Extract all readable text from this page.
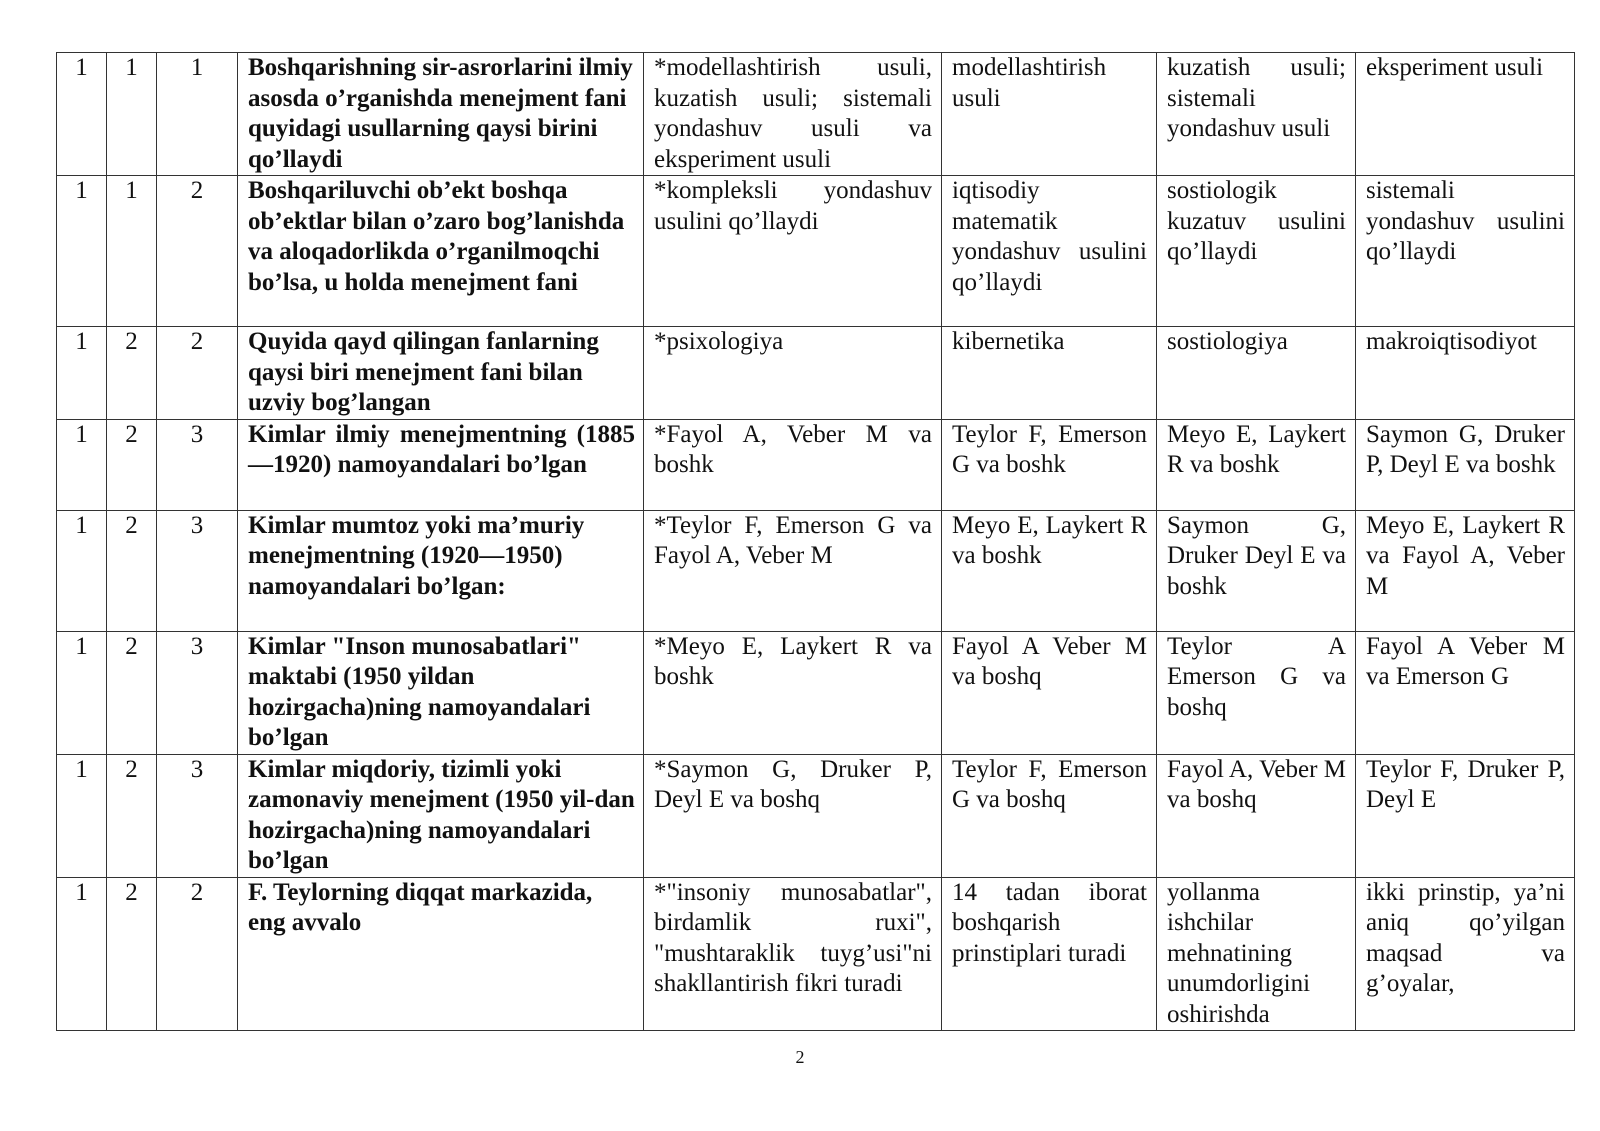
1	1	1	Boshqarishning sir-asrorlarini ilmiy asosda o’rganishda menejment fani quyidagi usullarning qaysi birini qo’llaydi	*modellashtirish usuli, kuzatish usuli; sistemali yondashuv usuli va eksperiment usuli	modellashtirish usuli	kuzatish usuli; sistemali yondashuv usuli	eksperiment usuli
1	1	2	Boshqariluvchi ob’ekt boshqa ob’ektlar bilan o’zaro bog’lanishda va aloqadorlikda o’rganilmoqchi bo’lsa, u holda menejment fani	*kompleksli yondashuv usulini qo’llaydi	iqtisodiy matematik yondashuv usulini qo’llaydi	sostiologik kuzatuv usulini qo’llaydi	sistemali yondashuv usulini qo’llaydi
1	2	2	Quyida qayd qilingan fanlarning qaysi biri menejment fani bilan uzviy bog’langan	*psixologiya	kibernetika	sostiologiya	makroiqtisodiyot
1	2	3	Kimlar ilmiy menejmentning (1885—1920) namoyandalari bo’lgan	*Fayol A, Veber M va boshk	Teylor F, Emerson G va boshk	Meyo E, Laykert R va boshk	Saymon G, Druker P, Deyl E va boshk
1	2	3	Kimlar mumtoz yoki ma’muriy menejmentning (1920—1950) namoyandalari bo’lgan:	*Teylor F, Emerson G va Fayol A, Veber M	Meyo E, Laykert R va boshk	Saymon G, Druker Deyl E va boshk	Meyo E, Laykert R va Fayol A, Veber M
1	2	3	Kimlar "Inson munosabatlari" maktabi (1950 yildan hozirgacha)ning namoyandalari bo’lgan	*Meyo E, Laykert R va boshk	Fayol A Veber M va boshq	Teylor A Emerson G va boshq	Fayol A Veber M va Emerson G
1	2	3	Kimlar miqdoriy, tizimli yoki zamonaviy menejment (1950 yil-dan hozirgacha)ning namoyandalari bo’lgan	*Saymon G, Druker P, Deyl E va boshq	Teylor F, Emerson G va boshq	Fayol A, Veber M va boshq	Teylor F, Druker P, Deyl E
1	2	2	F. Teylorning diqqat markazida, eng avvalo	*"insoniy munosabatlar", birdamlik ruxi", "mushtaraklik tuyg’usi"ni shakllantirish fikri turadi	14 tadan iborat boshqarish prinstiplari turadi	yollanma ishchilar mehnatining unumdorligini oshirishda	ikki prinstip, ya’ni aniq qo’yilgan maqsad va g’oyalar,
2
